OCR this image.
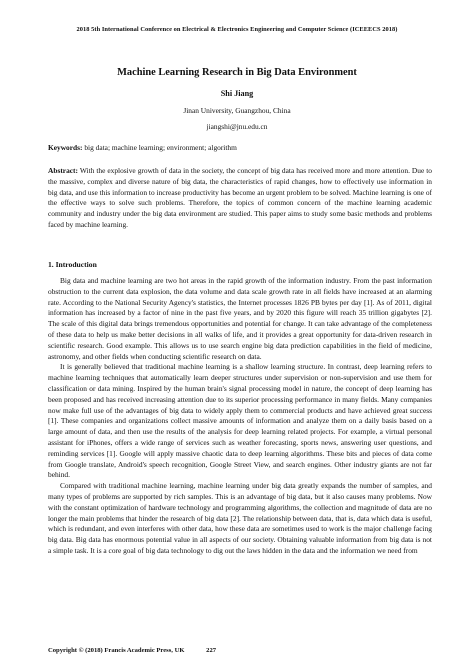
2018 5th International Conference on Electrical & Electronics Engineering and Computer Science (ICEEECS 2018)
Machine Learning Research in Big Data Environment
Shi Jiang
Jinan University, Guangzhou, China
jiangshi@jnu.edu.cn
Keywords: big data; machine learning; environment; algorithm
Abstract: With the explosive growth of data in the society, the concept of big data has received more and more attention. Due to the massive, complex and diverse nature of big data, the characteristics of rapid changes, how to effectively use information in big data, and use this information to increase productivity has become an urgent problem to be solved. Machine learning is one of the effective ways to solve such problems. Therefore, the topics of common concern of the machine learning academic community and industry under the big data environment are studied. This paper aims to study some basic methods and problems faced by machine learning.
1. Introduction

Big data and machine learning are two hot areas in the rapid growth of the information industry. From the past information obstruction to the current data explosion, the data volume and data scale growth rate in all fields have increased at an alarming rate. According to the National Security Agency's statistics, the Internet processes 1826 PB bytes per day [1]. As of 2011, digital information has increased by a factor of nine in the past five years, and by 2020 this figure will reach 35 trillion gigabytes [2]. The scale of this digital data brings tremendous opportunities and potential for change. It can take advantage of the completeness of these data to help us make better decisions in all walks of life, and it provides a great opportunity for data-driven research in scientific research. Good example. This allows us to use search engine big data prediction capabilities in the field of medicine, astronomy, and other fields when conducting scientific research on data.

It is generally believed that traditional machine learning is a shallow learning structure. In contrast, deep learning refers to machine learning techniques that automatically learn deeper structures under supervision or non-supervision and use them for classification or data mining. Inspired by the human brain's signal processing model in nature, the concept of deep learning has been proposed and has received increasing attention due to its superior processing performance in many fields. Many companies now make full use of the advantages of big data to widely apply them to commercial products and have achieved great success [1]. These companies and organizations collect massive amounts of information and analyze them on a daily basis based on a large amount of data, and then use the results of the analysis for deep learning related projects. For example, a virtual personal assistant for iPhones, offers a wide range of services such as weather forecasting, sports news, answering user questions, and reminding services [1]. Google will apply massive chaotic data to deep learning algorithms. These bits and pieces of data come from Google translate, Android's speech recognition, Google Street View, and search engines. Other industry giants are not far behind.

Compared with traditional machine learning, machine learning under big data greatly expands the number of samples, and many types of problems are supported by rich samples. This is an advantage of big data, but it also causes many problems. Now with the constant optimization of hardware technology and programming algorithms, the collection and magnitude of data are no longer the main problems that hinder the research of big data [2]. The relationship between data, that is, data which data is useful, which is redundant, and even interferes with other data, how these data are sometimes used to work is the major challenge facing big data. Big data has enormous potential value in all aspects of our society. Obtaining valuable information from big data is not a simple task. It is a core goal of big data technology to dig out the laws hidden in the data and the information we need from

Copyright © (2018) Francis Academic Press, UK	227
